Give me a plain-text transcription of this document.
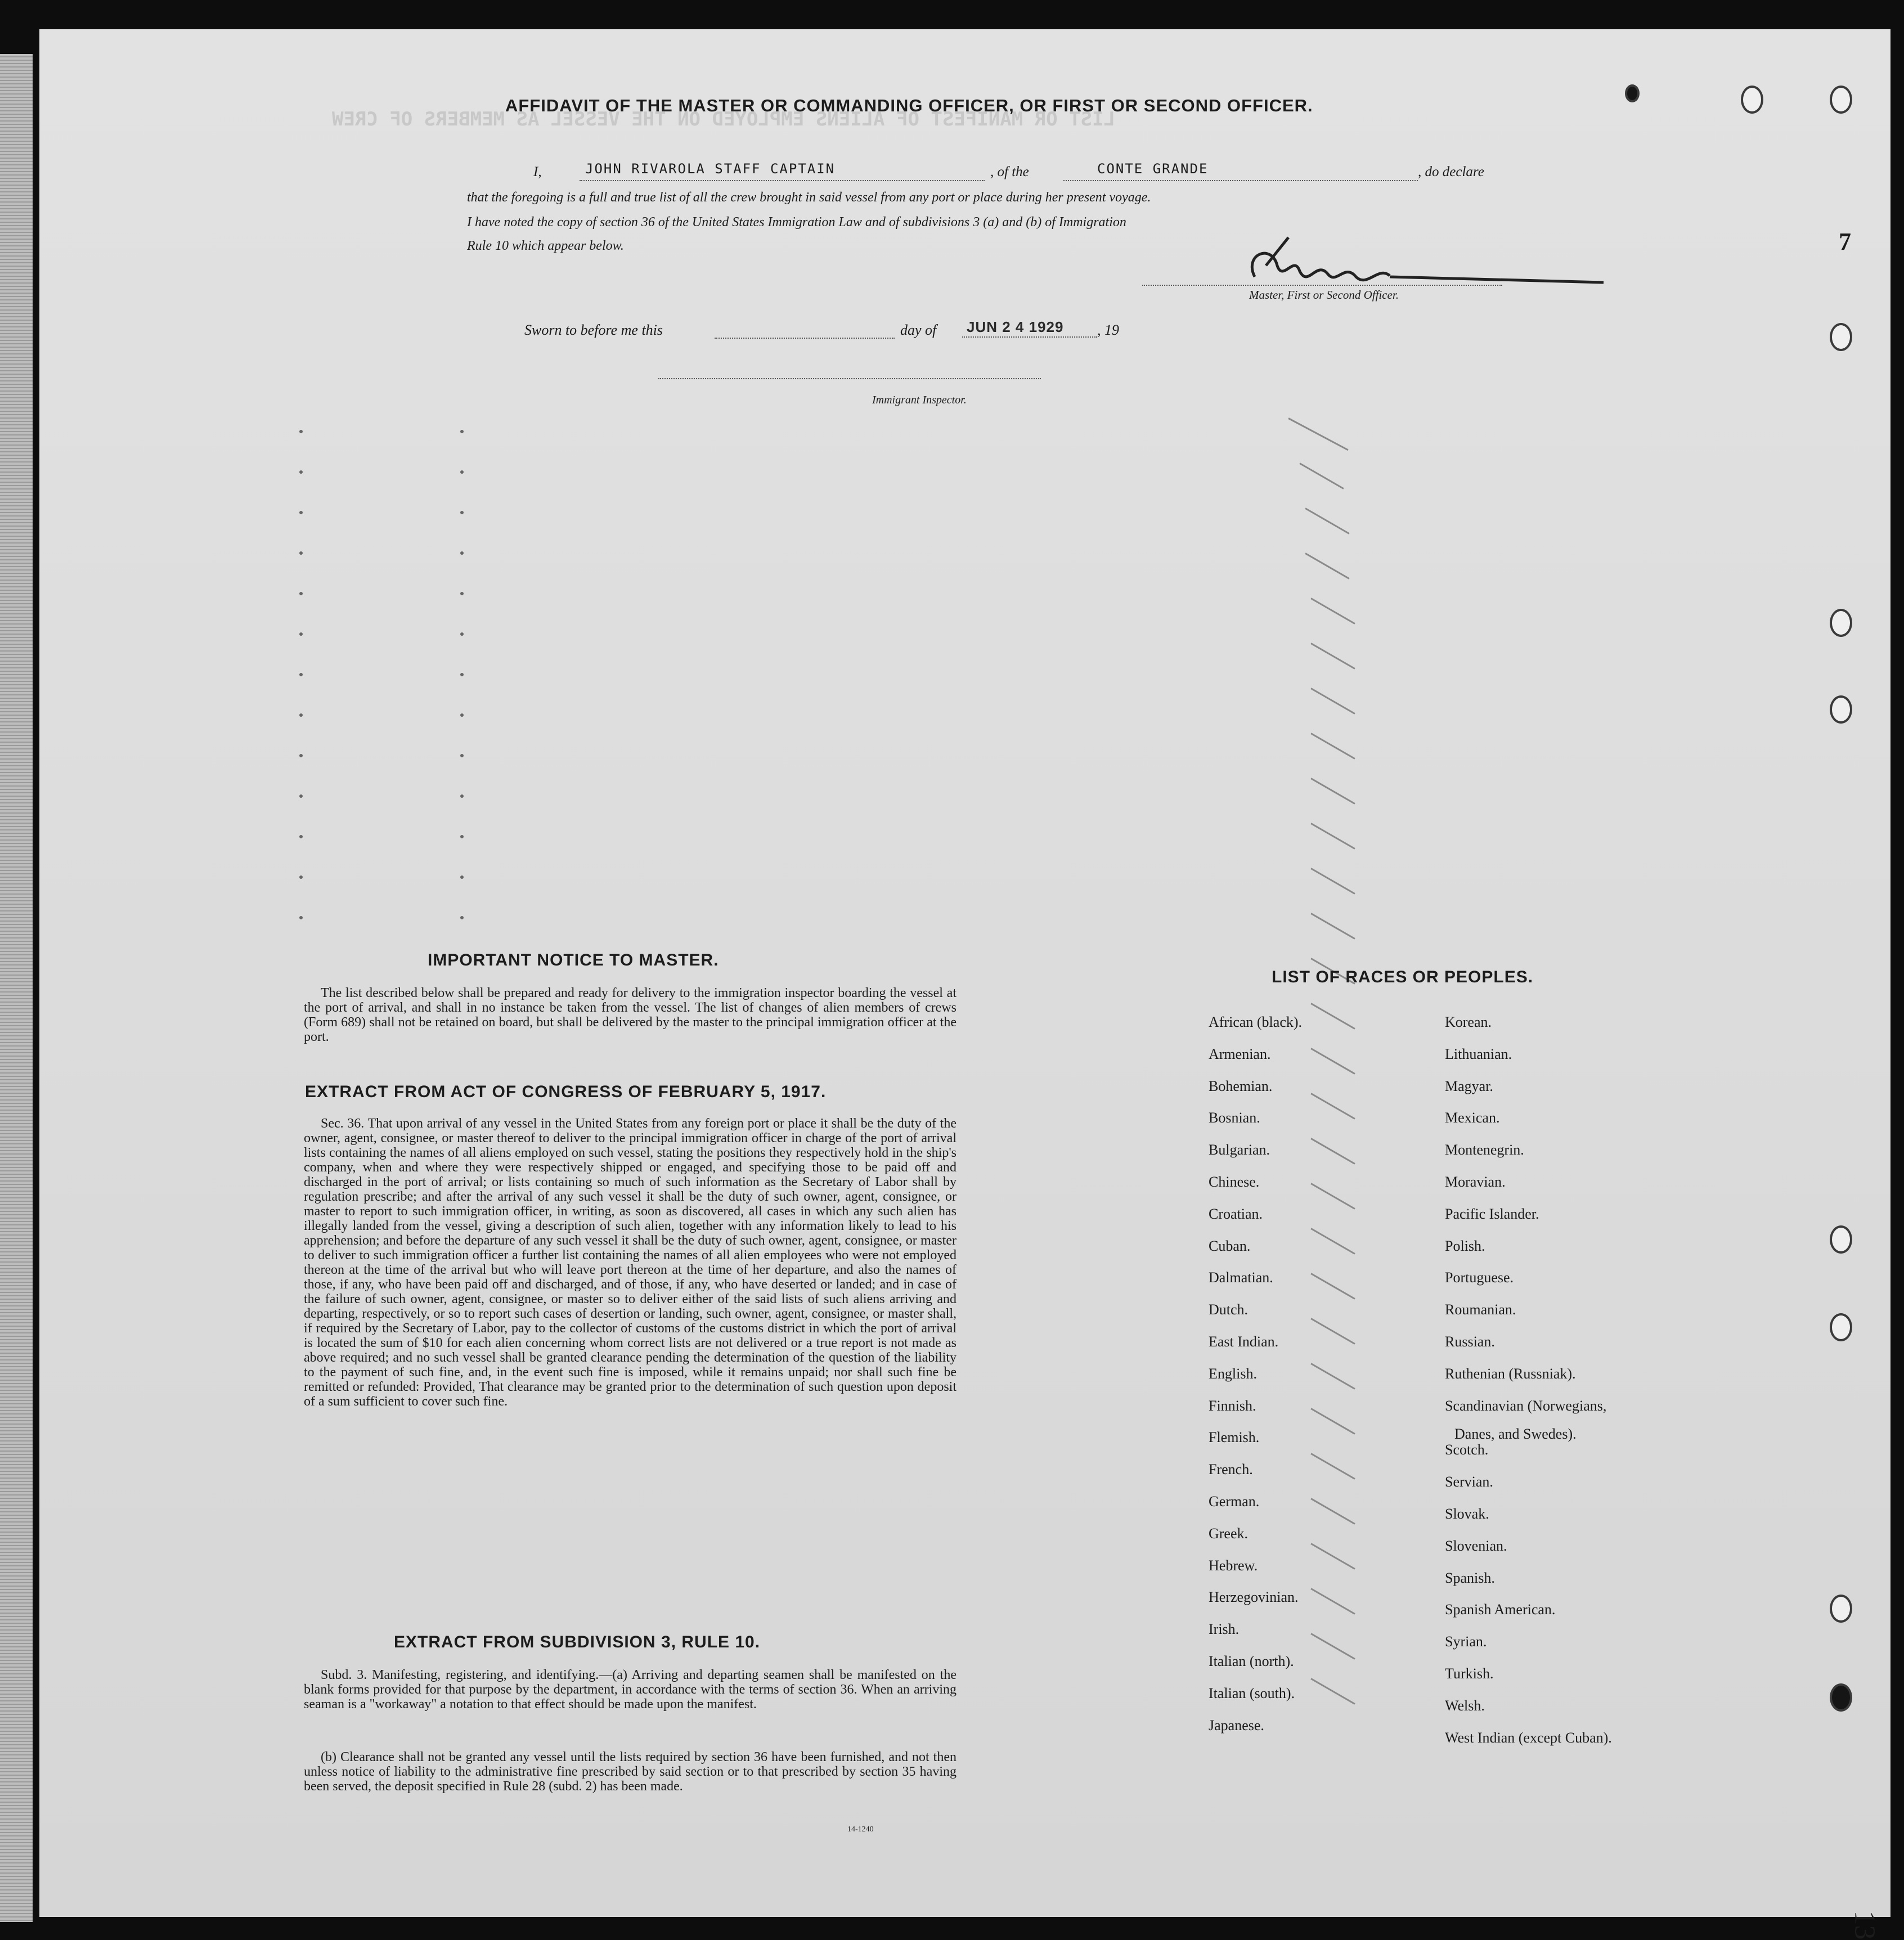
LIST OR MANIFEST OF ALIENS EMPLOYED ON THE VESSEL AS MEMBERS OF CREW
AFFIDAVIT OF THE MASTER OR COMMANDING OFFICER, OR FIRST OR SECOND OFFICER.
I,	JOHN RIVAROLA STAFF CAPTAIN	, of the	CONTE GRANDE	, do declare
that the foregoing is a full and true list of all the crew brought in said vessel from any port or place during her present voyage.
I have noted the copy of section 36 of the United States Immigration Law and of subdivisions 3 (a) and (b) of Immigration
Rule 10 which appear below.
Master, First or Second Officer.
Sworn to before me this	day of JUN 2 4 1929 , 19
Immigrant Inspector.
IMPORTANT NOTICE TO MASTER.
The list described below shall be prepared and ready for delivery to the immigration inspector boarding the vessel at the port of arrival, and shall in no instance be taken from the vessel. The list of changes of alien members of crews (Form 689) shall not be retained on board, but shall be delivered by the master to the principal immigration officer at the port.
EXTRACT FROM ACT OF CONGRESS OF FEBRUARY 5, 1917.
Sec. 36. That upon arrival of any vessel in the United States from any foreign port or place it shall be the duty of the owner, agent, consignee, or master thereof to deliver to the principal immigration officer in charge of the port of arrival lists containing the names of all aliens employed on such vessel, stating the positions they respectively hold in the ship's company, when and where they were respectively shipped or engaged, and specifying those to be paid off and discharged in the port of arrival; or lists containing so much of such information as the Secretary of Labor shall by regulation prescribe; and after the arrival of any such vessel it shall be the duty of such owner, agent, consignee, or master to report to such immigration officer, in writing, as soon as discovered, all cases in which any such alien has illegally landed from the vessel, giving a description of such alien, together with any information likely to lead to his apprehension; and before the departure of any such vessel it shall be the duty of such owner, agent, consignee, or master to deliver to such immigration officer a further list containing the names of all alien employees who were not employed thereon at the time of the arrival but who will leave port thereon at the time of her departure, and also the names of those, if any, who have been paid off and discharged, and of those, if any, who have deserted or landed; and in case of the failure of such owner, agent, consignee, or master so to deliver either of the said lists of such aliens arriving and departing, respectively, or so to report such cases of desertion or landing, such owner, agent, consignee, or master shall, if required by the Secretary of Labor, pay to the collector of customs of the customs district in which the port of arrival is located the sum of $10 for each alien concerning whom correct lists are not delivered or a true report is not made as above required; and no such vessel shall be granted clearance pending the determination of the question of the liability to the payment of such fine, and, in the event such fine is imposed, while it remains unpaid; nor shall such fine be remitted or refunded: Provided, That clearance may be granted prior to the determination of such question upon deposit of a sum sufficient to cover such fine.
EXTRACT FROM SUBDIVISION 3, RULE 10.
Subd. 3. Manifesting, registering, and identifying.—(a) Arriving and departing seamen shall be manifested on the blank forms provided for that purpose by the department, in accordance with the terms of section 36. When an arriving seaman is a "workaway" a notation to that effect should be made upon the manifest.
(b) Clearance shall not be granted any vessel until the lists required by section 36 have been furnished, and not then unless notice of liability to the administrative fine prescribed by said section or to that prescribed by section 35 having been served, the deposit specified in Rule 28 (subd. 2) has been made.
14-1240
LIST OF RACES OR PEOPLES.
African (black).
Armenian.
Bohemian.
Bosnian.
Bulgarian.
Chinese.
Croatian.
Cuban.
Dalmatian.
Dutch.
East Indian.
English.
Finnish.
Flemish.
French.
German.
Greek.
Hebrew.
Herzegovinian.
Irish.
Italian (north).
Italian (south).
Japanese.
Korean.
Lithuanian.
Magyar.
Mexican.
Montenegrin.
Moravian.
Pacific Islander.
Polish.
Portuguese.
Roumanian.
Russian.
Ruthenian (Russniak).
Scandinavian (Norwegians,
Scotch.
Servian.
Slovak.
Slovenian.
Spanish.
Spanish American.
Syrian.
Turkish.
Welsh.
West Indian (except Cuban).
Danes, and Swedes).
7
13
